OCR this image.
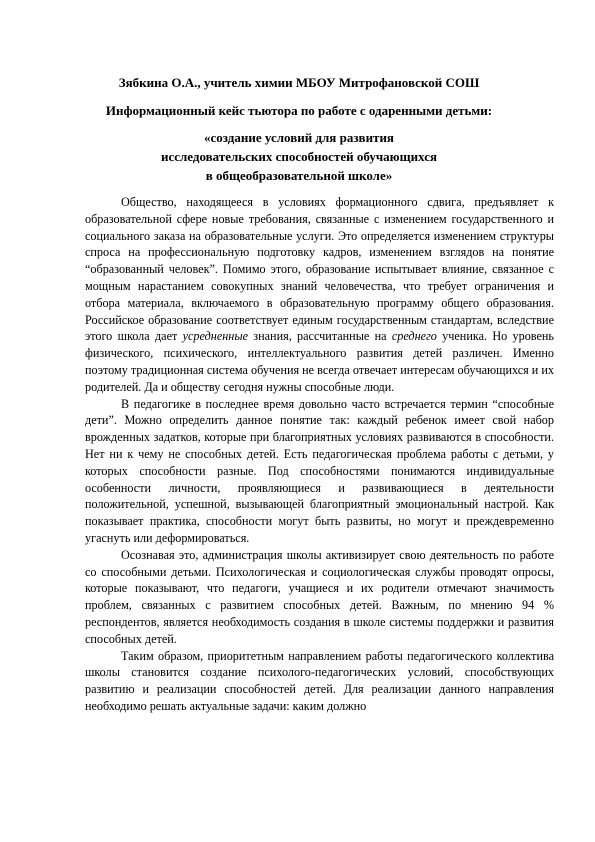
Зябкина О.А., учитель химии МБОУ Митрофановской СОШ

Информационный кейс тьютора по работе с одаренными детьми:

«создание условий для развития
исследовательских способностей обучающихся
в общеобразовательной школе»

Общество, находящееся в условиях формационного сдвига, предъявляет к образовательной сфере новые требования, связанные с изменением государственного и социального заказа на образовательные услуги. Это определяется изменением структуры спроса на профессиональную подготовку кадров, изменением взглядов на понятие “образованный человек”. Помимо этого, образование испытывает влияние, связанное с мощным нарастанием совокупных знаний человечества, что требует ограничения и отбора материала, включаемого в образовательную программу общего образования. Российское образование соответствует единым государственным стандартам, вследствие этого школа дает усредненные знания, рассчитанные на среднего ученика. Но уровень физического, психического, интеллектуального развития детей различен. Именно поэтому традиционная система обучения не всегда отвечает интересам обучающихся и их родителей. Да и обществу сегодня нужны способные люди.

В педагогике в последнее время довольно часто встречается термин “способные дети”. Можно определить данное понятие так: каждый ребенок имеет свой набор врожденных задатков, которые при благоприятных условиях развиваются в способности. Нет ни к чему не способных детей. Есть педагогическая проблема работы с детьми, у которых способности разные. Под способностями понимаются индивидуальные особенности личности, проявляющиеся и развивающиеся в деятельности положительной, успешной, вызывающей благоприятный эмоциональный настрой. Как показывает практика, способности могут быть развиты, но могут и преждевременно угаснуть или деформироваться.

Осознавая это, администрация школы активизирует свою деятельность по работе со способными детьми. Психологическая и социологическая службы проводят опросы, которые показывают, что педагоги, учащиеся и их родители отмечают значимость проблем, связанных с развитием способных детей. Важным, по мнению 94 % респондентов, является необходимость создания в школе системы поддержки и развития способных детей.

Таким образом, приоритетным направлением работы педагогического коллектива школы становится создание психолого-педагогических условий, способствующих развитию и реализации способностей детей. Для реализации данного направления необходимо решать актуальные задачи: каким должно
